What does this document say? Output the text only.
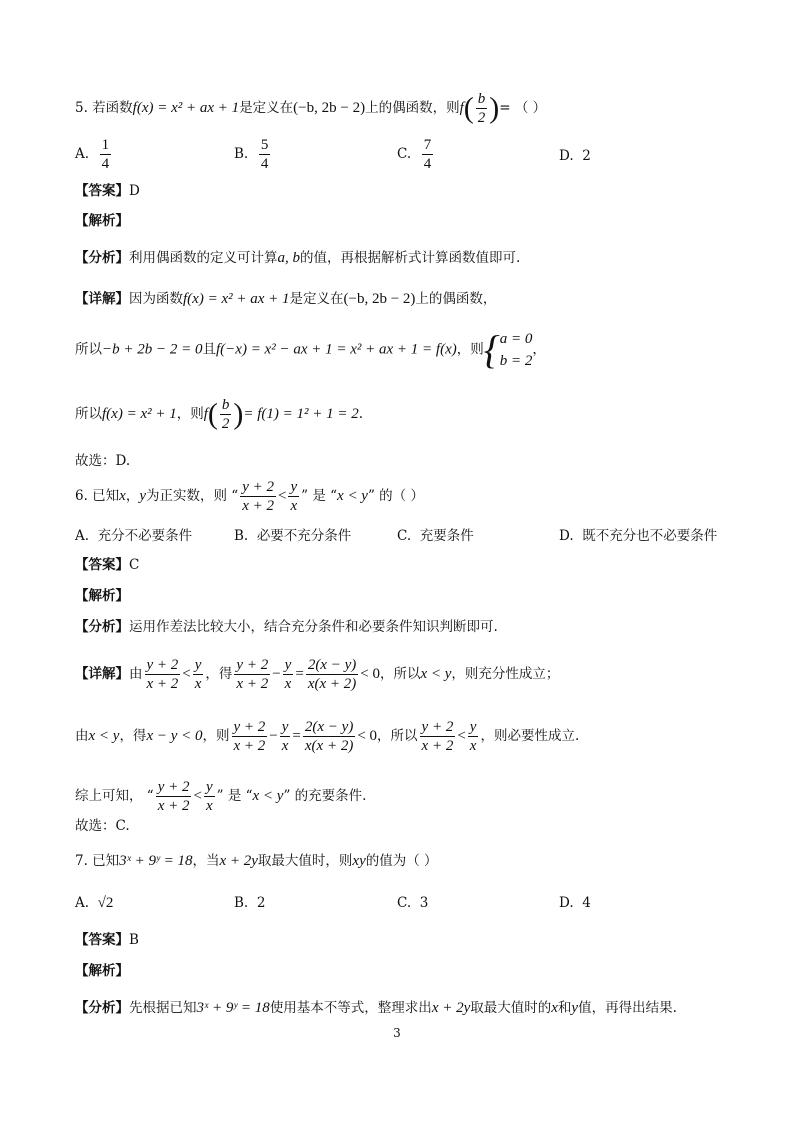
5. 若函数f(x) = x² + ax + 1是定义在(−b, 2b − 2)上的偶函数，则$f( \frac{b}{2}$ )= （ ）
A. $\frac{1}{4}$	B. $\frac{5}{4}$	C. $\frac{7}{4}$	D. 2
【答案】D
【解析】
【分析】利用偶函数的定义可计算a, b的值，再根据解析式计算函数值即可.
【详解】因为函数f(x) = x² + ax + 1是定义在(−b, 2b − 2)上的偶函数，
所以−b + 2b − 2 = 0且f(−x) = x² − ax + 1 = x² + ax + 1 = f(x)，则 { a = 0
b = 2
，
所以f(x) = x² + 1，则$f( \frac{b}{2}$ )= f(1) = 1² + 1 = 2.
故选：D.
6. 已知x，y为正实数，则 “ $\frac{y + 2}{x + 2} < \frac{y}{x}$ ” 是 “x < y” 的（ ）
A. 充分不必要条件	B. 必要不充分条件	C. 充要条件	D. 既不充分也不必要条件
【答案】C
【解析】
【分析】运用作差法比较大小，结合充分条件和必要条件知识判断即可.
【详解】由 $\frac{y + 2}{x + 2} < \frac{y}{x}$ ，得 $\frac{y + 2}{x + 2} - \frac{y}{x} = \frac{2(x - y)}{x(x + 2)} < 0$，所以x < y，则充分性成立；
由x < y，得x − y < 0，则 $\frac{y + 2}{x + 2} - \frac{y}{x} = \frac{2(x - y)}{x(x + 2)} < 0$，所以 $\frac{y + 2}{x + 2} < \frac{y}{x}$ ，则必要性成立.
综上可知， “ $\frac{y + 2}{x + 2} < \frac{y}{x}$ ” 是 “x < y” 的充要条件.
故选：C.
7. 已知3ˣ + 9ʸ = 18，当x + 2y取最大值时，则xy的值为（ ）
A. √2	B. 2	C. 3	D. 4
【答案】B
【解析】
【分析】先根据已知3ˣ + 9ʸ = 18使用基本不等式，整理求出x + 2y取最大值时的x和y值，再得出结果.
3
